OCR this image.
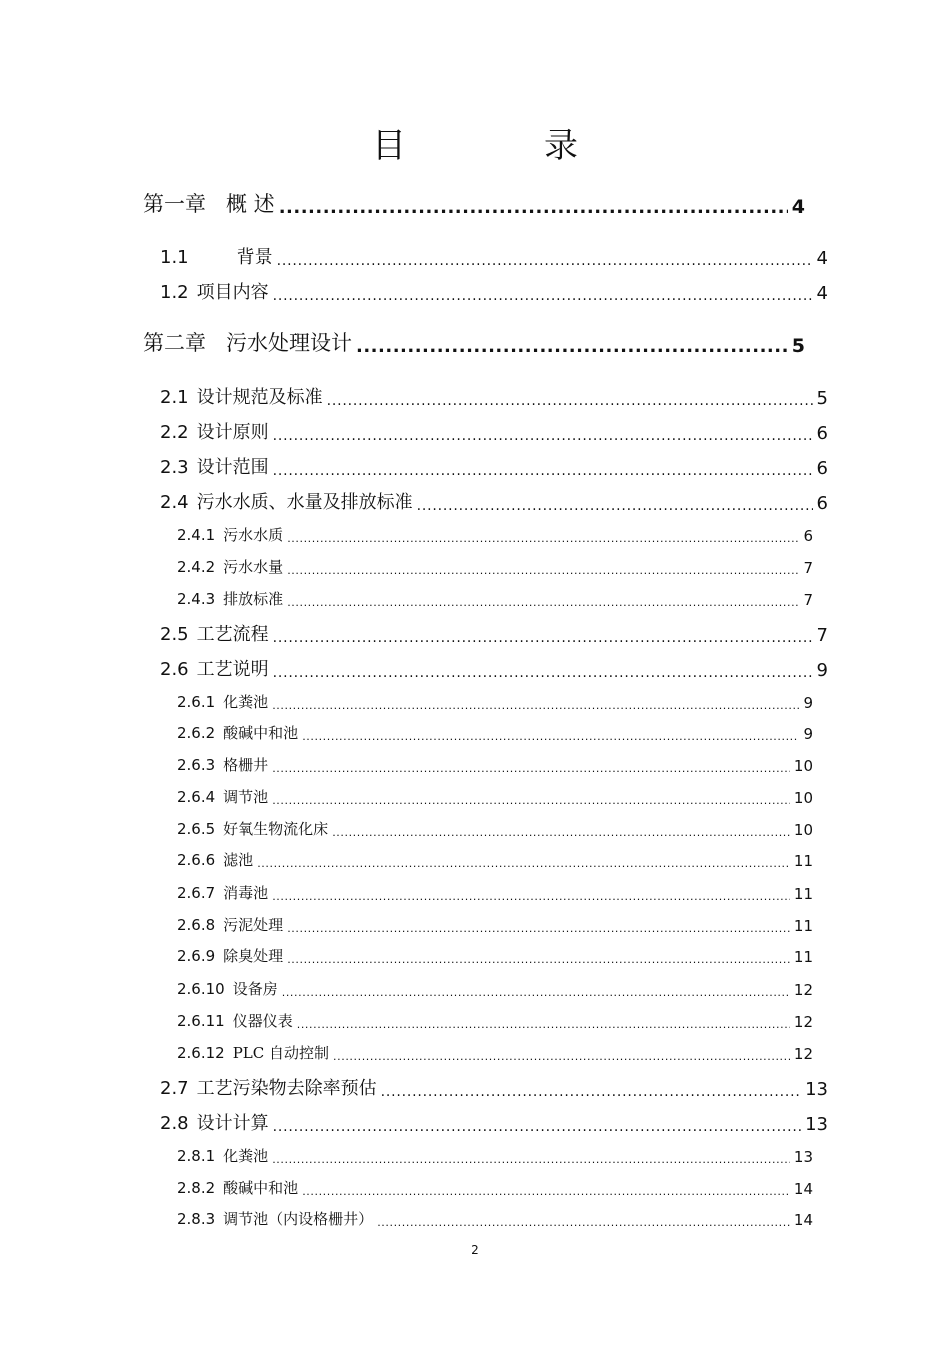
目　录
第一章 概 述 .....	4
1.1	背景 .....	4
1.2 项目内容 .....	4
第二章 污水处理设计 .....	5
2.1 设计规范及标准 .....	5
2.2 设计原则 .....	6
2.3 设计范围 .....	6
2.4 污水水质、水量及排放标准 .....	6
2.4.1 污水水质 .....	6
2.4.2 污水水量 .....	7
2.4.3 排放标准 .....	7
2.5 工艺流程 .....	7
2.6 工艺说明 .....	9
2.6.1 化粪池 .....	9
2.6.2 酸碱中和池 .....	9
2.6.3 格栅井 .....	10
2.6.4 调节池 .....	10
2.6.5 好氧生物流化床 .....	10
2.6.6 滤池 .....	11
2.6.7 消毒池 .....	11
2.6.8 污泥处理 .....	11
2.6.9 除臭处理 .....	11
2.6.10 设备房 .....	12
2.6.11 仪器仪表 .....	12
2.6.12 PLC 自动控制 .....	12
2.7 工艺污染物去除率预估 .....	13
2.8 设计计算 .....	13
2.8.1 化粪池 .....	13
2.8.2 酸碱中和池 .....	14
2.8.3 调节池（内设格栅井） .....	14
2
